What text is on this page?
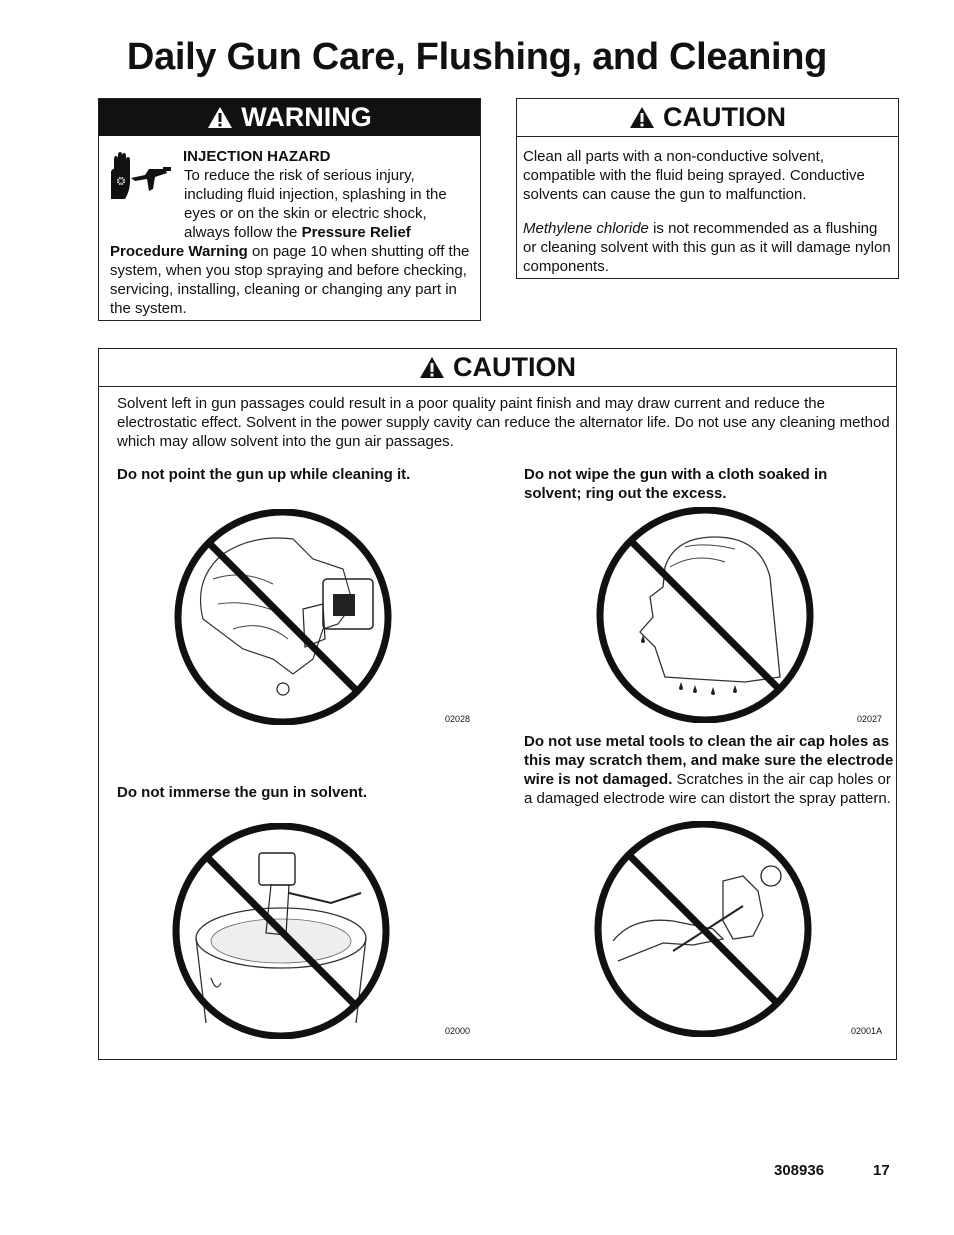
Daily Gun Care, Flushing, and Cleaning
WARNING
INJECTION HAZARD
To reduce the risk of serious injury, including fluid injection, splashing in the eyes or on the skin or electric shock, always follow the Pressure Relief Procedure Warning on page 10 when shutting off the system, when you stop spraying and before checking, servicing, installing, cleaning or changing any part in the system.
CAUTION
Clean all parts with a non-conductive solvent, compatible with the fluid being sprayed. Conductive solvents can cause the gun to malfunction.
Methylene chloride is not recommended as a flushing or cleaning solvent with this gun as it will damage nylon components.
CAUTION
Solvent left in gun passages could result in a poor quality paint finish and may draw current and reduce the electrostatic effect. Solvent in the power supply cavity can reduce the alternator life. Do not use any cleaning method which may allow solvent into the gun air passages.
Do not point the gun up while cleaning it.
02028
Do not wipe the gun with a cloth soaked in solvent; ring out the excess.
02027
Do not immerse the gun in solvent.
02000
Do not use metal tools to clean the air cap holes as this may scratch them, and make sure the electrode wire is not damaged. Scratches in the air cap holes or a damaged electrode wire can distort the spray pattern.
02001A
308936	17
